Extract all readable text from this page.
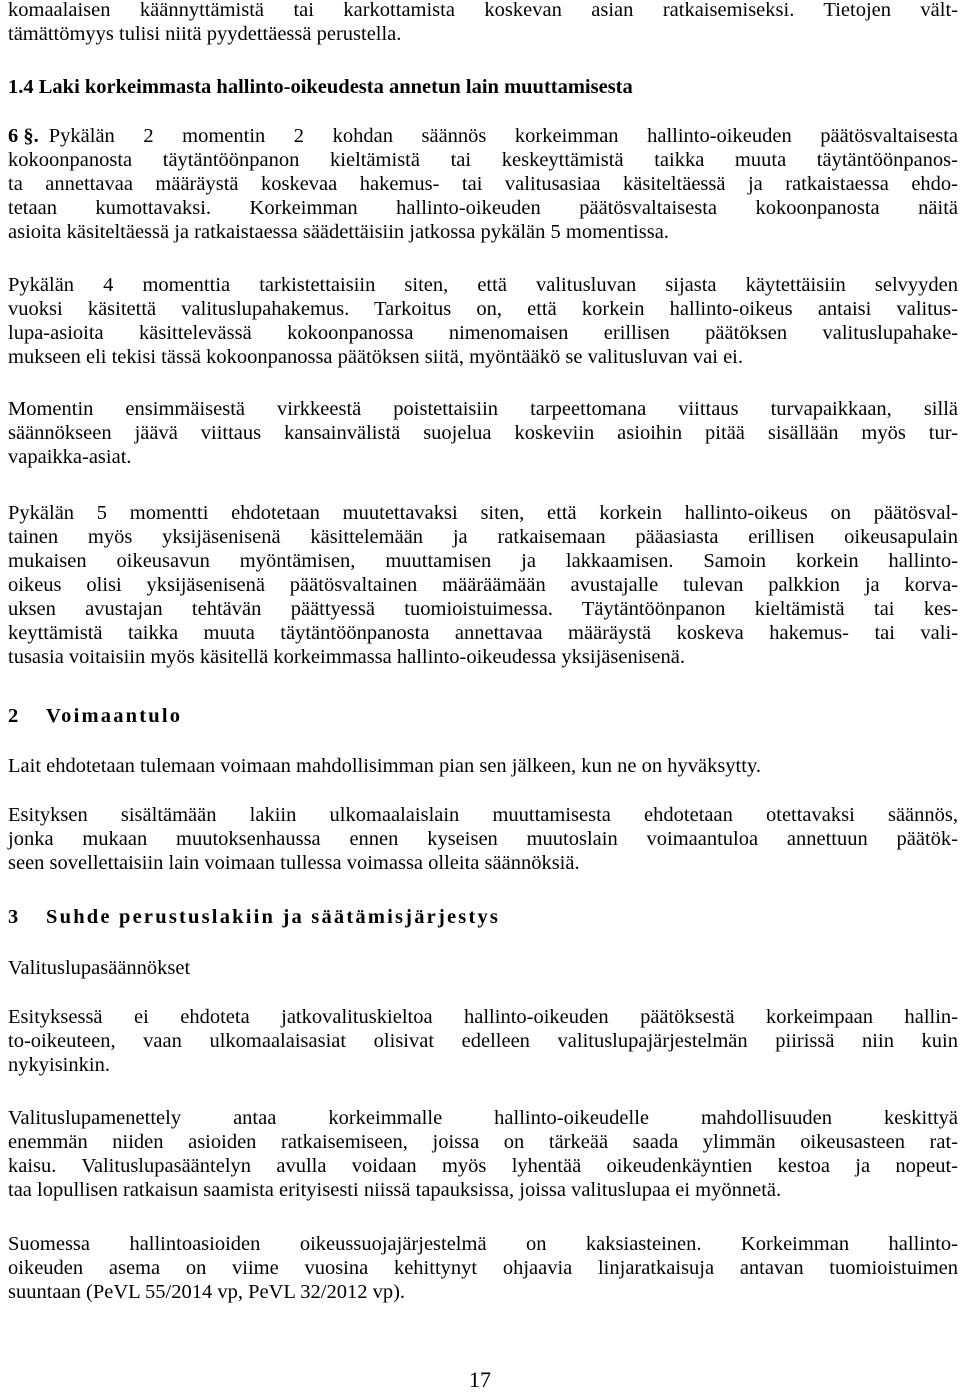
komaalaisen käännyttämistä tai karkottamista koskevan asian ratkaisemiseksi. Tietojen vält-
tämättömyys tulisi niitä pyydettäessä perustella.
1.4 Laki korkeimmasta hallinto-oikeudesta annetun lain muuttamisesta
6 §. Pykälän 2 momentin 2 kohdan säännös korkeimman hallinto-oikeuden päätösvaltaisesta
kokoonpanosta täytäntöönpanon kieltämistä tai keskeyttämistä taikka muuta täytäntöönpanos-
ta annettavaa määräystä koskevaa hakemus- tai valitusasiaa käsiteltäessä ja ratkaistaessa ehdo-
tetaan kumottavaksi. Korkeimman hallinto-oikeuden päätösvaltaisesta kokoonpanosta näitä
asioita käsiteltäessä ja ratkaistaessa säädettäisiin jatkossa pykälän 5 momentissa.
Pykälän 4 momenttia tarkistettaisiin siten, että valitusluvan sijasta käytettäisiin selvyyden
vuoksi käsitettä valituslupahakemus. Tarkoitus on, että korkein hallinto-oikeus antaisi valitus-
lupa-asioita käsittelevässä kokoonpanossa nimenomaisen erillisen päätöksen valituslupahake-
mukseen eli tekisi tässä kokoonpanossa päätöksen siitä, myöntääkö se valitusluvan vai ei.
Momentin ensimmäisestä virkkeestä poistettaisiin tarpeettomana viittaus turvapaikkaan, sillä
säännökseen jäävä viittaus kansainvälistä suojelua koskeviin asioihin pitää sisällään myös tur-
vapaikka-asiat.
Pykälän 5 momentti ehdotetaan muutettavaksi siten, että korkein hallinto-oikeus on päätösval-
tainen myös yksijäsenisenä käsittelemään ja ratkaisemaan pääasiasta erillisen oikeusapulain
mukaisen oikeusavun myöntämisen, muuttamisen ja lakkaamisen. Samoin korkein hallinto-
oikeus olisi yksijäsenisenä päätösvaltainen määräämään avustajalle tulevan palkkion ja korva-
uksen avustajan tehtävän päättyessä tuomioistuimessa. Täytäntöönpanon kieltämistä tai kes-
keyttämistä taikka muuta täytäntöönpanosta annettavaa määräystä koskeva hakemus- tai vali-
tusasia voitaisiin myös käsitellä korkeimmassa hallinto-oikeudessa yksijäsenisenä.
2 Voimaantulo
Lait ehdotetaan tulemaan voimaan mahdollisimman pian sen jälkeen, kun ne on hyväksytty.
Esityksen sisältämään lakiin ulkomaalaislain muuttamisesta ehdotetaan otettavaksi säännös,
jonka mukaan muutoksenhaussa ennen kyseisen muutoslain voimaantuloa annettuun päätök-
seen sovellettaisiin lain voimaan tullessa voimassa olleita säännöksiä.
3 Suhde perustuslakiin ja säätämisjärjestys
Valituslupasäännökset
Esityksessä ei ehdoteta jatkovalituskieltoa hallinto-oikeuden päätöksestä korkeimpaan hallin-
to-oikeuteen, vaan ulkomaalaisasiat olisivat edelleen valituslupajärjestelmän piirissä niin kuin
nykyisinkin.
Valituslupamenettely antaa korkeimmalle hallinto-oikeudelle mahdollisuuden keskittyä
enemmän niiden asioiden ratkaisemiseen, joissa on tärkeää saada ylimmän oikeusasteen rat-
kaisu. Valituslupasääntelyn avulla voidaan myös lyhentää oikeudenkäyntien kestoa ja nopeut-
taa lopullisen ratkaisun saamista erityisesti niissä tapauksissa, joissa valituslupaa ei myönnetä.
Suomessa hallintoasioiden oikeussuojajärjestelmä on kaksiasteinen. Korkeimman hallinto-
oikeuden asema on viime vuosina kehittynyt ohjaavia linjaratkaisuja antavan tuomioistuimen
suuntaan (PeVL 55/2014 vp, PeVL 32/2012 vp).
17
